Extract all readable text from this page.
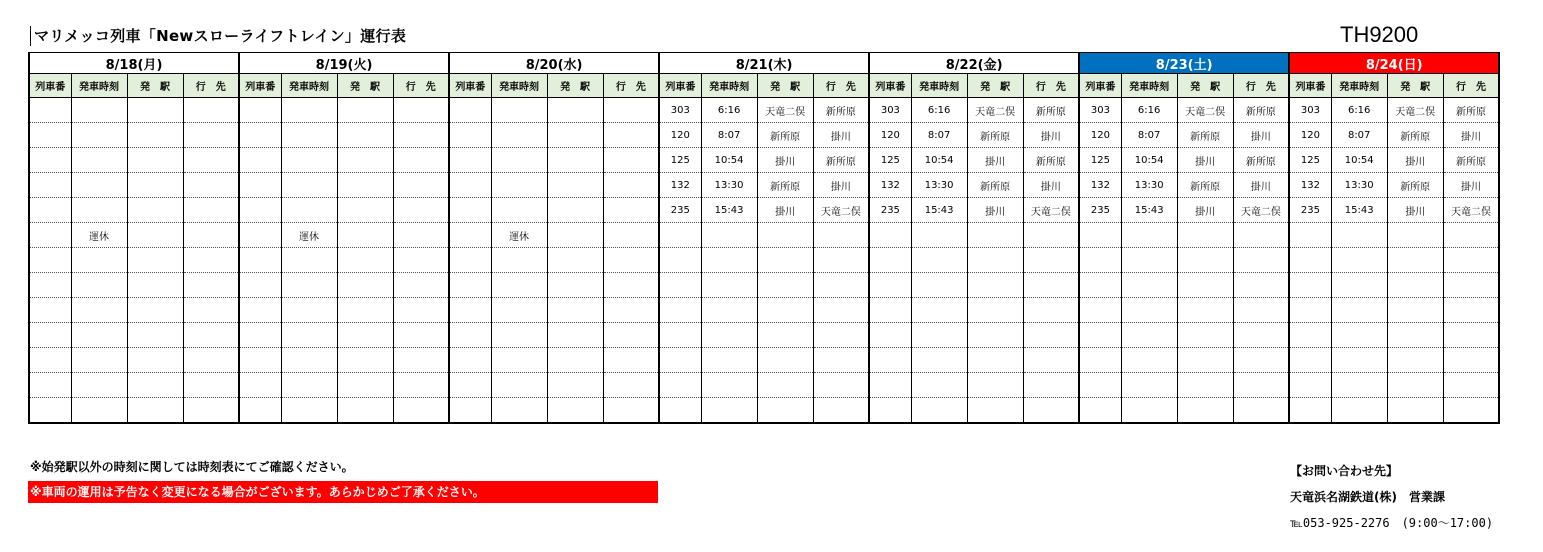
マリメッコ列車「Newスローライフトレイン」運行表	TH9200
8/18(月)				8/19(火)				8/20(水)				8/21(木)				8/22(金)				8/23(土)				8/24(日)			
列車番	発車時刻	発　駅	行　先	列車番	発車時刻	発　駅	行　先	列車番	発車時刻	発　駅	行　先	列車番	発車時刻	発　駅	行　先	列車番	発車時刻	発　駅	行　先	列車番	発車時刻	発　駅	行　先	列車番	発車時刻	発　駅	行　先
												303	6:16	天竜二俣	新所原	303	6:16	天竜二俣	新所原	303	6:16	天竜二俣	新所原	303	6:16	天竜二俣	新所原
												120	8:07	新所原	掛川	120	8:07	新所原	掛川	120	8:07	新所原	掛川	120	8:07	新所原	掛川
												125	10:54	掛川	新所原	125	10:54	掛川	新所原	125	10:54	掛川	新所原	125	10:54	掛川	新所原
												132	13:30	新所原	掛川	132	13:30	新所原	掛川	132	13:30	新所原	掛川	132	13:30	新所原	掛川
												235	15:43	掛川	天竜二俣	235	15:43	掛川	天竜二俣	235	15:43	掛川	天竜二俣	235	15:43	掛川	天竜二俣
	運休				運休				運休																		

※始発駅以外の時刻に関しては時刻表にてご確認ください。
※車両の運用は予告なく変更になる場合がございます。あらかじめご了承ください。
【お問い合わせ先】
天竜浜名湖鉄道(株)　営業課
℡053-925-2276　(9:00～17:00)
